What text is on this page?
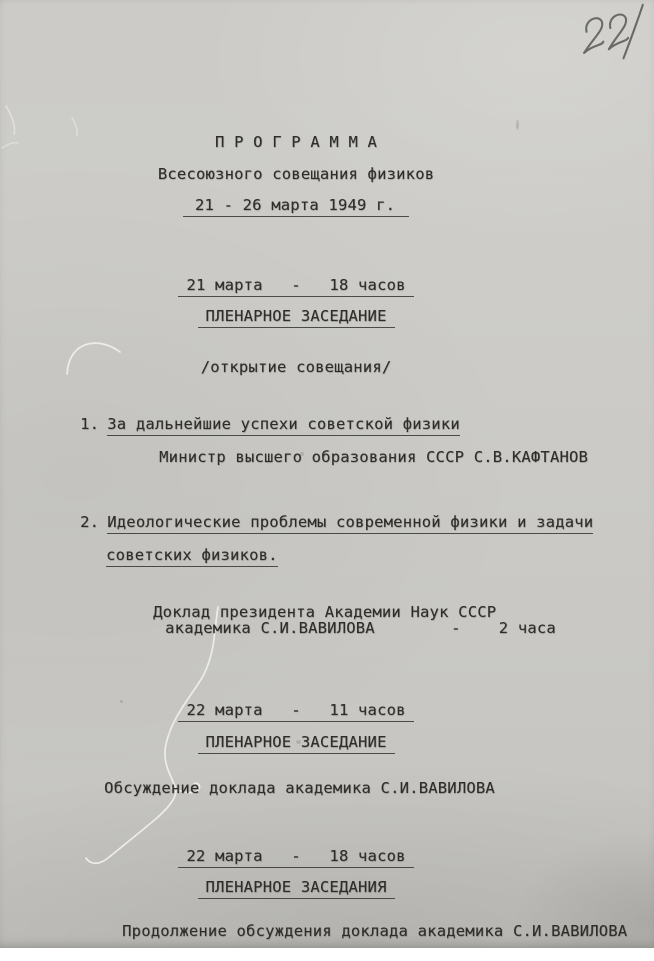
П Р О Г Р А М М А

Всесоюзного совещания физиков

21 - 26 марта 1949 г.

21 марта   -   18 часов

ПЛЕНАРНОЕ ЗАСЕДАНИЕ

/открытие совещания/

1. За дальнейшие успехи советской физики

Министр высшего образования СССР С.В.КАФТАНОВ

2. Идеологические проблемы современной физики и задачи

советских физиков.

Доклад президента Академии Наук СССР

академика С.И.ВАВИЛОВА        -    2 часа

22 марта   -   11 часов

ПЛЕНАРНОЕ ЗАСЕДАНИЕ

Обсуждение доклада академика С.И.ВАВИЛОВА

22 марта   -   18 часов

ПЛЕНАРНОЕ ЗАСЕДАНИЯ

Продолжение обсуждения доклада академика С.И.ВАВИЛОВА
